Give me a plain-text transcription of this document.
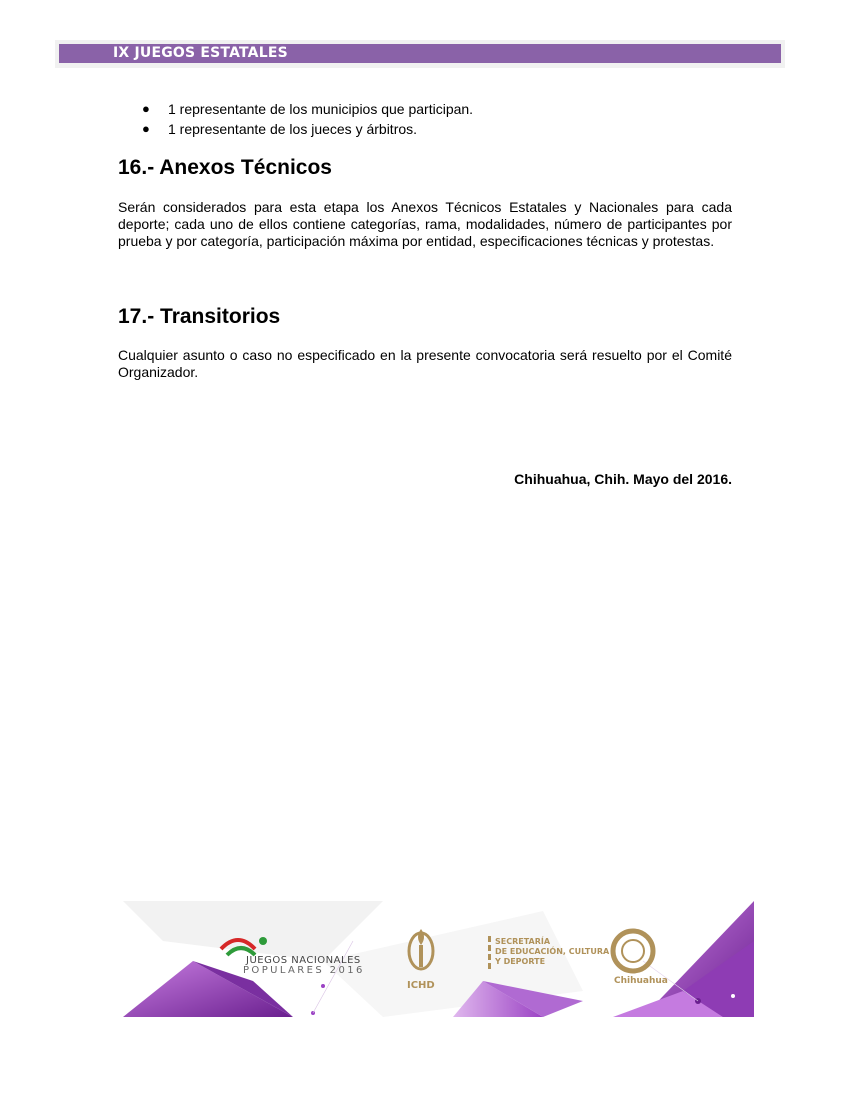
IX JUEGOS ESTATALES
● 1 representante de los municipios que participan.
● 1 representante de los jueces y árbitros.
16.- Anexos Técnicos

Serán considerados para esta etapa los Anexos Técnicos Estatales y Nacionales para cada deporte; cada uno de ellos contiene categorías, rama, modalidades, número de participantes por prueba y por categoría, participación máxima por entidad, especificaciones técnicas y protestas.

17.- Transitorios

Cualquier asunto o caso no especificado en la presente convocatoria será resuelto por el Comité Organizador.

Chihuahua, Chih. Mayo del 2016.

JUEGOS NACIONALES
POPULARES 2016
ICHD
SECRETARÍA
DE EDUCACIÓN, CULTURA
Y DEPORTE
Chihuahua
